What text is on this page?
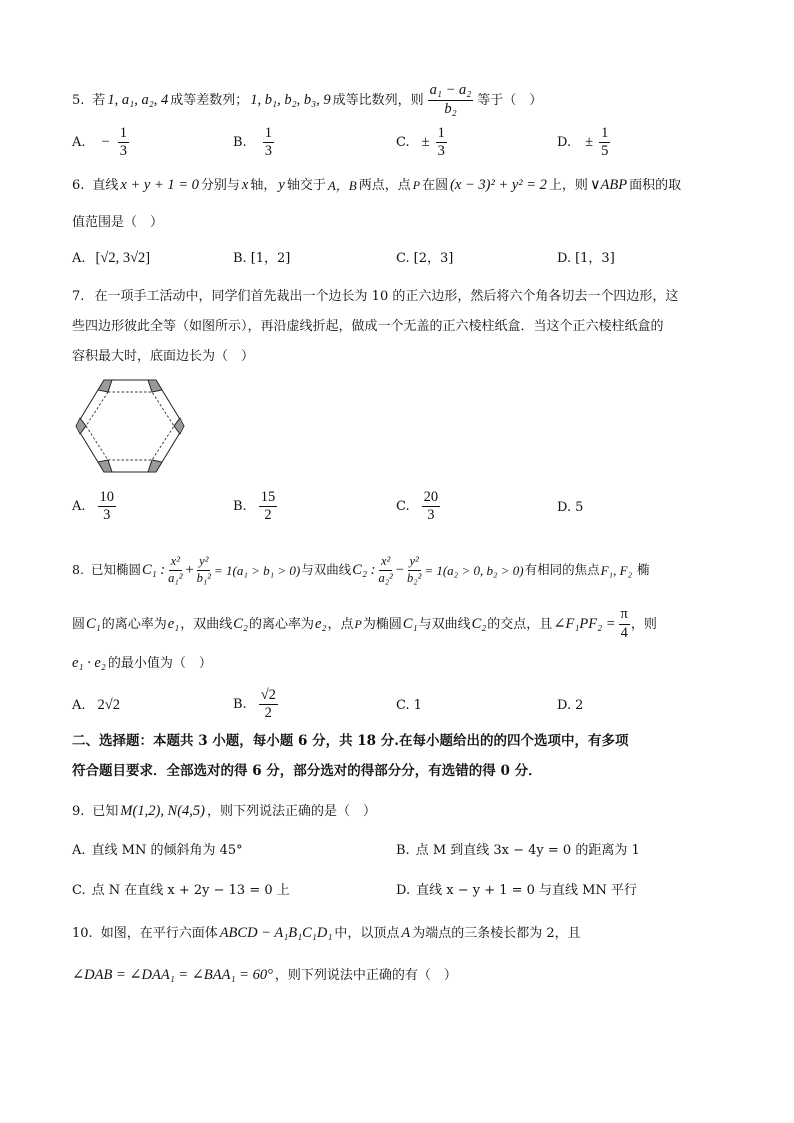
5. 若 1, a₁, a₂, 4 成等差数列； 1, b₁, b₂, b₃, 9 成等比数列，则 $\frac{\text{a₁ − a₂}}{\text{b₂}}$ 等于（　）
A. − $\frac{1}{3}$	B. $\frac{1}{3}$	C. ± $\frac{1}{3}$	D. ± $\frac{1}{5}$
6. 直线 x + y + 1 = 0 分别与 x 轴， y 轴交于 A，B 两点，点 P 在圆 (x − 3)² + y² = 2 上，则 ∨ABP 面积的取
值范围是（　）
A. [√2, 3√2]	B. [1，2]	C. [2，3]	D. [1，3]
7. 在一项手工活动中，同学们首先裁出一个边长为 10 的正六边形，然后将六个角各切去一个四边形，这
些四边形彼此全等（如图所示），再沿虚线折起，做成一个无盖的正六棱柱纸盒．当这个正六棱柱纸盒的
容积最大时，底面边长为（　）
A. $\frac{10}{3}$	B. $\frac{15}{2}$	C. $\frac{20}{3}$	D. 5
8. 已知椭圆 C₁ : $\frac{\text{x²}}{\text{a₁²}} + \frac{\text{y²}}{\text{b₁²}} = 1(a_1 > b_1 > 0)$ 与双曲线 C₂ : $\frac{\text{x²}}{\text{a₂²}} - \frac{\text{y²}}{\text{b₂²}} = 1(a_2 > 0$, b₂ > 0) 有相同的焦点 F₁, F₂ 椭
圆 C₁ 的离心率为 e₁ ，双曲线 C₂ 的离心率为 e₂ ，点 P 为椭圆 C₁ 与双曲线 C₂ 的交点，且 ∠F₁PF₂ = $\frac{\pi}{4}$ ，则
e₁ · e₂ 的最小值为（　）
A. 2√2	B. $\frac{√2}{2}$	C. 1	D. 2
二、选择题：本题共 3 小题，每小题 6 分，共 18 分.在每小题给出的的四个选项中，有多项
符合题目要求．全部选对的得 6 分，部分选对的得部分分，有选错的得 0 分．
9. 已知 M(1,2), N(4,5) ，则下列说法正确的是（　）
A. 直线 MN 的倾斜角为 45°	B. 点 M 到直线 3x − 4y = 0 的距离为 1
C. 点 N 在直线 x + 2y − 13 = 0 上	D. 直线 x − y + 1 = 0 与直线 MN 平行
10. 如图，在平行六面体 ABCD − A₁B₁C₁D₁ 中，以顶点 A 为端点的三条棱长都为 2，且
∠DAB = ∠DAA₁ = ∠BAA₁ = 60° ，则下列说法中正确的有（　）
